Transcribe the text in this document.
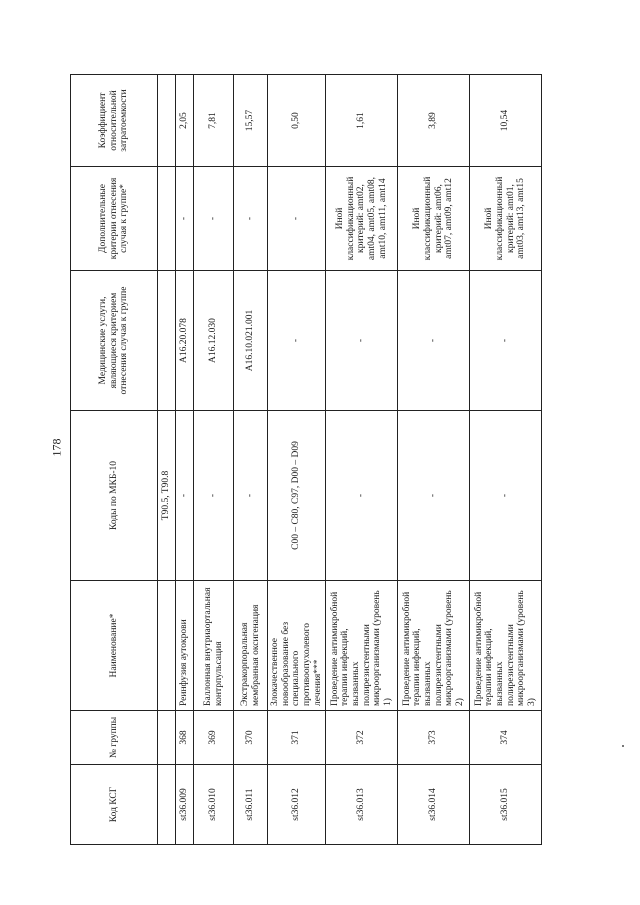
178
Код КСГ	№ группы	Наименование*	Коды по МКБ-10	Медицинские услуги, являющиеся критерием отнесения случая к группе	Дополнительные критерии отнесения случая к группе*	Коэффициент относительной затратоемкости
			T90.5, T90.8			
st36.009	368	Реинфузия аутокрови	-	A16.20.078	-	2,05
st36.010	369	Баллонная внутриаортальная контрпульсация	-	A16.12.030	-	7,81
st36.011	370	Экстракорпоральная мембранная оксигенация	-	A16.10.021.001	-	15,57
st36.012	371	Злокачественное новообразование без специального противоопухолевого лечения***	C00 – C80, C97, D00 – D09	-	-	0,50
st36.013	372	Проведение антимикробной терапии инфекций, вызванных полирезистентными микроорганизмами (уровень 1)	-	-	Иной классификационный критерий: amt02, amt04, amt05, amt08, amt10, amt11, amt14	1,61
st36.014	373	Проведение антимикробной терапии инфекций, вызванных полирезистентными микроорганизмами (уровень 2)	-	-	Иной классификационный критерий: amt06, amt07, amt09, amt12	3,89
st36.015	374	Проведение антимикробной терапии инфекций, вызванных полирезистентными микроорганизмами (уровень 3)	-	-	Иной классификационный критерий: amt01, amt03, amt13, amt15	10,54
